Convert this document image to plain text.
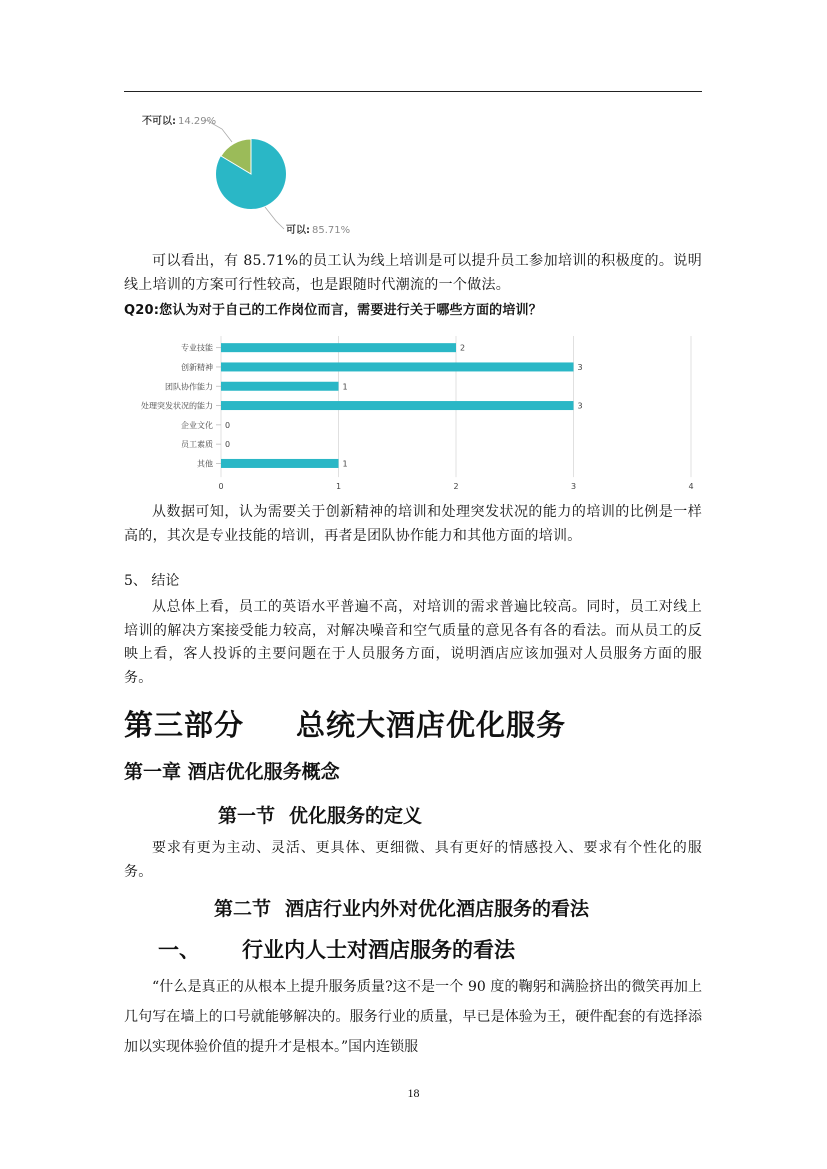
不可以: 14.29%
可以: 85.71%

可以看出，有 85.71%的员工认为线上培训是可以提升员工参加培训的积极度的。说明线上培训的方案可行性较高，也是跟随时代潮流的一个做法。

Q20:您认为对于自己的工作岗位而言，需要进行关于哪些方面的培训？
0	1	2	3	4
专业技能	2
创新精神	3
团队协作能力	1
处理突发状况的能力	3
企业文化 0
员工素质 0
其他	1

从数据可知，认为需要关于创新精神的培训和处理突发状况的能力的培训的比例是一样高的，其次是专业技能的培训，再者是团队协作能力和其他方面的培训。

5、 结论

从总体上看，员工的英语水平普遍不高，对培训的需求普遍比较高。同时，员工对线上培训的解决方案接受能力较高，对解决噪音和空气质量的意见各有各的看法。而从员工的反映上看，客人投诉的主要问题在于人员服务方面，说明酒店应该加强对人员服务方面的服务。

第三部分 总统大酒店优化服务
第一章 酒店优化服务概念
第一节 优化服务的定义

要求有更为主动、灵活、更具体、更细微、具有更好的情感投入、要求有个性化的服务。

第二节 酒店行业内外对优化酒店服务的看法
一、 行业内人士对酒店服务的看法

“什么是真正的从根本上提升服务质量?这不是一个 90 度的鞠躬和满脸挤出的微笑再加上几句写在墙上的口号就能够解决的。服务行业的质量，早已是体验为王，硬件配套的有选择添加以实现体验价值的提升才是根本。”国内连锁服

18
